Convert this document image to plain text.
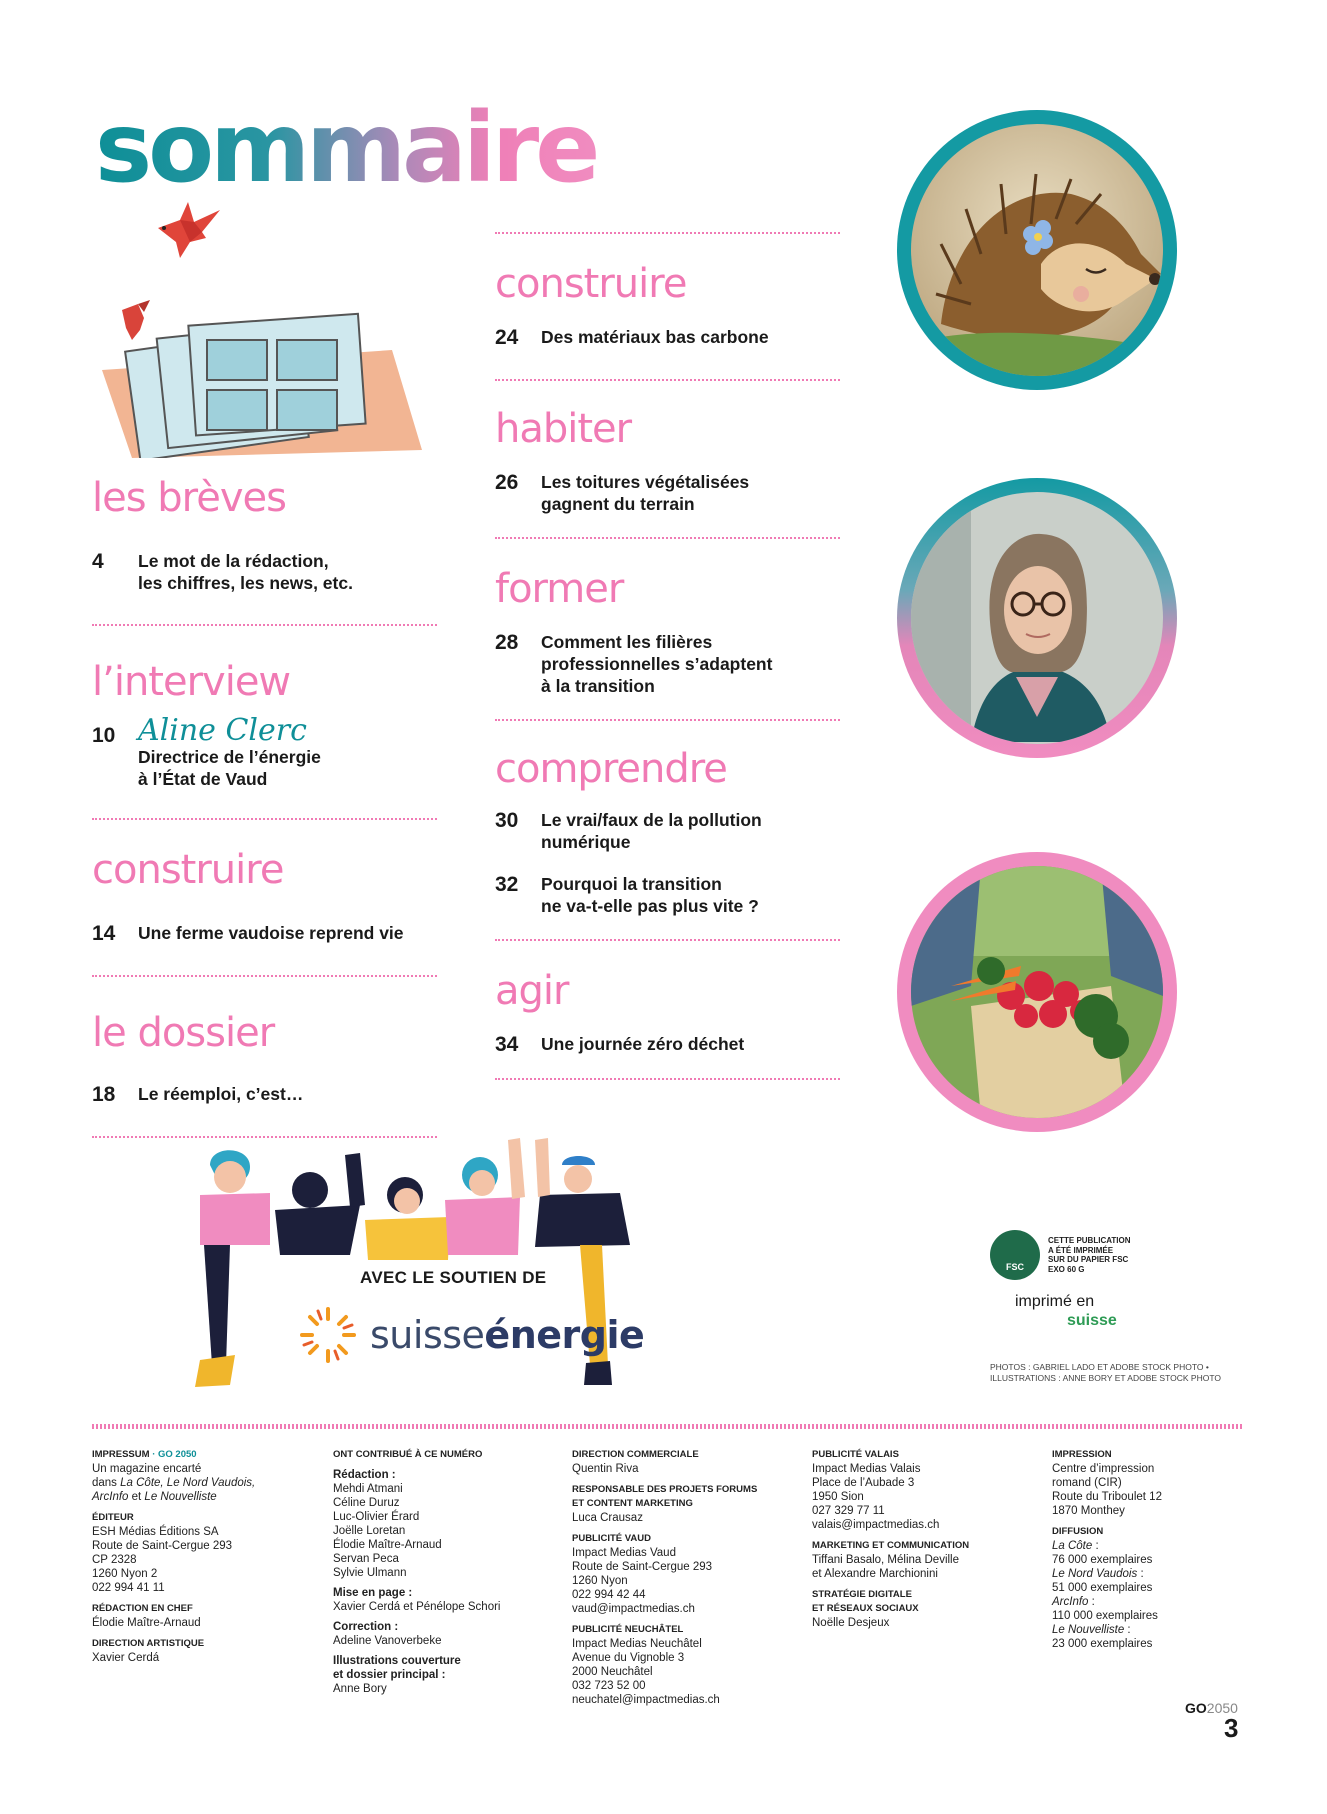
sommaire
les brèves
4	Le mot de la rédaction,
les chiffres, les news, etc.
l’interview
10 Aline Clerc
Directrice de l’énergie
à l’État de Vaud
construire
14	Une ferme vaudoise reprend vie
le dossier
18	Le réemploi, c’est…
construire
24	Des matériaux bas carbone
habiter
26	Les toitures végétalisées
gagnent du terrain
former
28	Comment les filières
professionnelles s’adaptent
à la transition
comprendre
30	Le vrai/faux de la pollution
numérique
32	Pourquoi la transition
ne va-t-elle pas plus vite ?
agir
34	Une journée zéro déchet
AVEC LE SOUTIEN DE
suisseénergie
FSC
CETTE PUBLICATION
A ÉTÉ IMPRIMÉE
SUR DU PAPIER FSC
EXO 60 G
imprimé en
suisse
PHOTOS : GABRIEL LADO ET ADOBE STOCK PHOTO •
ILLUSTRATIONS : ANNE BORY ET ADOBE STOCK PHOTO
IMPRESSUM · GO 2050
Un magazine encarté
dans La Côte, Le Nord Vaudois,
ArcInfo et Le Nouvelliste
ÉDITEUR
ESH Médias Éditions SA
Route de Saint-Cergue 293
CP 2328
1260 Nyon 2
022 994 41 11
RÉDACTION EN CHEF
Élodie Maître-Arnaud
DIRECTION ARTISTIQUE
Xavier Cerdá
ONT CONTRIBUÉ À CE NUMÉRO
Rédaction :
Mehdi Atmani
Céline Duruz
Luc-Olivier Érard
Joëlle Loretan
Élodie Maître-Arnaud
Servan Peca
Sylvie Ulmann
Mise en page :
Xavier Cerdá et Pénélope Schori
Correction :
Adeline Vanoverbeke
Illustrations couverture
et dossier principal :
Anne Bory
DIRECTION COMMERCIALE
Quentin Riva
RESPONSABLE DES PROJETS FORUMS
ET CONTENT MARKETING
Luca Crausaz
PUBLICITÉ VAUD
Impact Medias Vaud
Route de Saint-Cergue 293
1260 Nyon
022 994 42 44
vaud@impactmedias.ch
PUBLICITÉ NEUCHÂTEL
Impact Medias Neuchâtel
Avenue du Vignoble 3
2000 Neuchâtel
032 723 52 00
neuchatel@impactmedias.ch
PUBLICITÉ VALAIS
Impact Medias Valais
Place de l’Aubade 3
1950 Sion
027 329 77 11
valais@impactmedias.ch
MARKETING ET COMMUNICATION
Tiffani Basalo, Mélina Deville
et Alexandre Marchionini
STRATÉGIE DIGITALE
ET RÉSEAUX SOCIAUX
Noëlle Desjeux
IMPRESSION
Centre d’impression
romand (CIR)
Route du Triboulet 12
1870 Monthey
DIFFUSION
La Côte :
76 000 exemplaires
Le Nord Vaudois :
51 000 exemplaires
ArcInfo :
110 000 exemplaires
Le Nouvelliste :
23 000 exemplaires
GO2050
3
